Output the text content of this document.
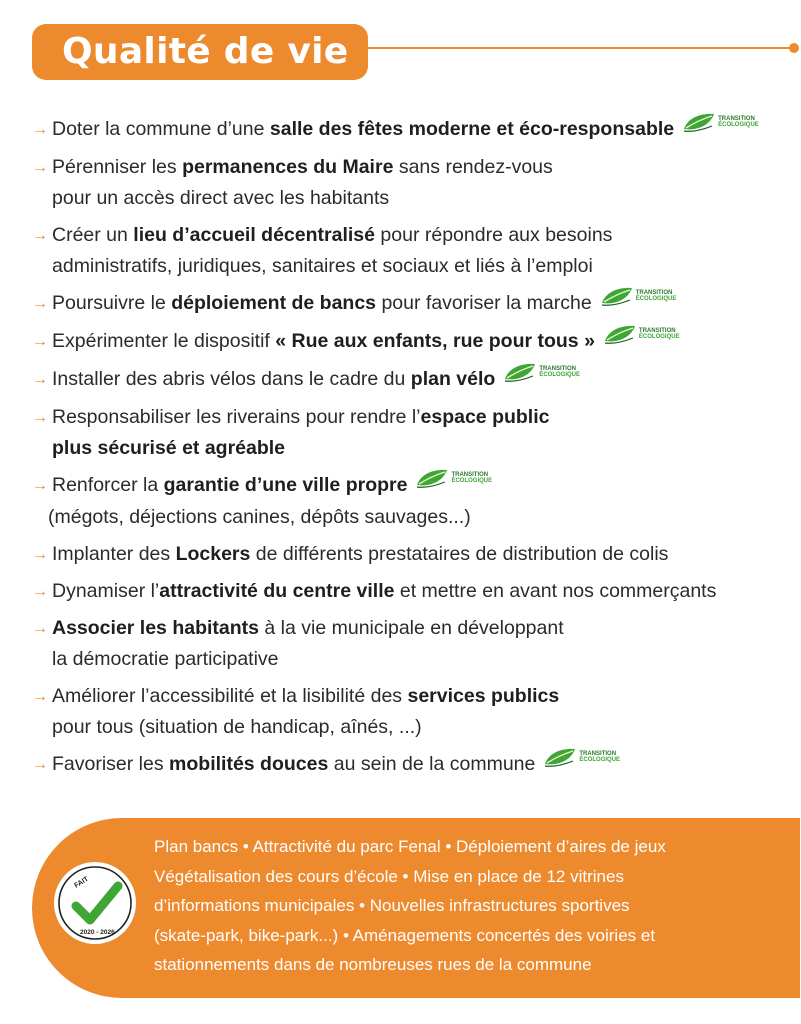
Qualité de vie
→ Doter la commune d’une salle des fêtes moderne et éco-responsable	TRANSITION
ÉCOLOGIQUE
→ Pérenniser les permanences du Maire sans rendez-vous
pour un accès direct avec les habitants
→ Créer un lieu d’accueil décentralisé pour répondre aux besoins
administratifs, juridiques, sanitaires et sociaux et liés à l’emploi
→ Poursuivre le déploiement de bancs pour favoriser la marche	TRANSITION
ÉCOLOGIQUE
→ Expérimenter le dispositif « Rue aux enfants, rue pour tous »	TRANSITION
ÉCOLOGIQUE
→ Installer des abris vélos dans le cadre du plan vélo	TRANSITION
ÉCOLOGIQUE
→ Responsabiliser les riverains pour rendre l’espace public
plus sécurisé et agréable
→ Renforcer la garantie d’une ville propre	TRANSITION
ÉCOLOGIQUE
(mégots, déjections canines, dépôts sauvages...)
→ Implanter des Lockers de différents prestataires de distribution de colis
→ Dynamiser l’attractivité du centre ville et mettre en avant nos commerçants
→ Associer les habitants à la vie municipale en développant
la démocratie participative
→ Améliorer l’accessibilité et la lisibilité des services publics
pour tous (situation de handicap, aînés, ...)
→ Favoriser les mobilités douces au sein de la commune	TRANSITION
ÉCOLOGIQUE
FAIT
2020 - 2026
Plan bancs • Attractivité du parc Fenal • Déploiement d’aires de jeux
Végétalisation des cours d’école • Mise en place de 12 vitrines
d’informations municipales • Nouvelles infrastructures sportives
(skate-park, bike-park...) • Aménagements concertés des voiries et
stationnements dans de nombreuses rues de la commune
